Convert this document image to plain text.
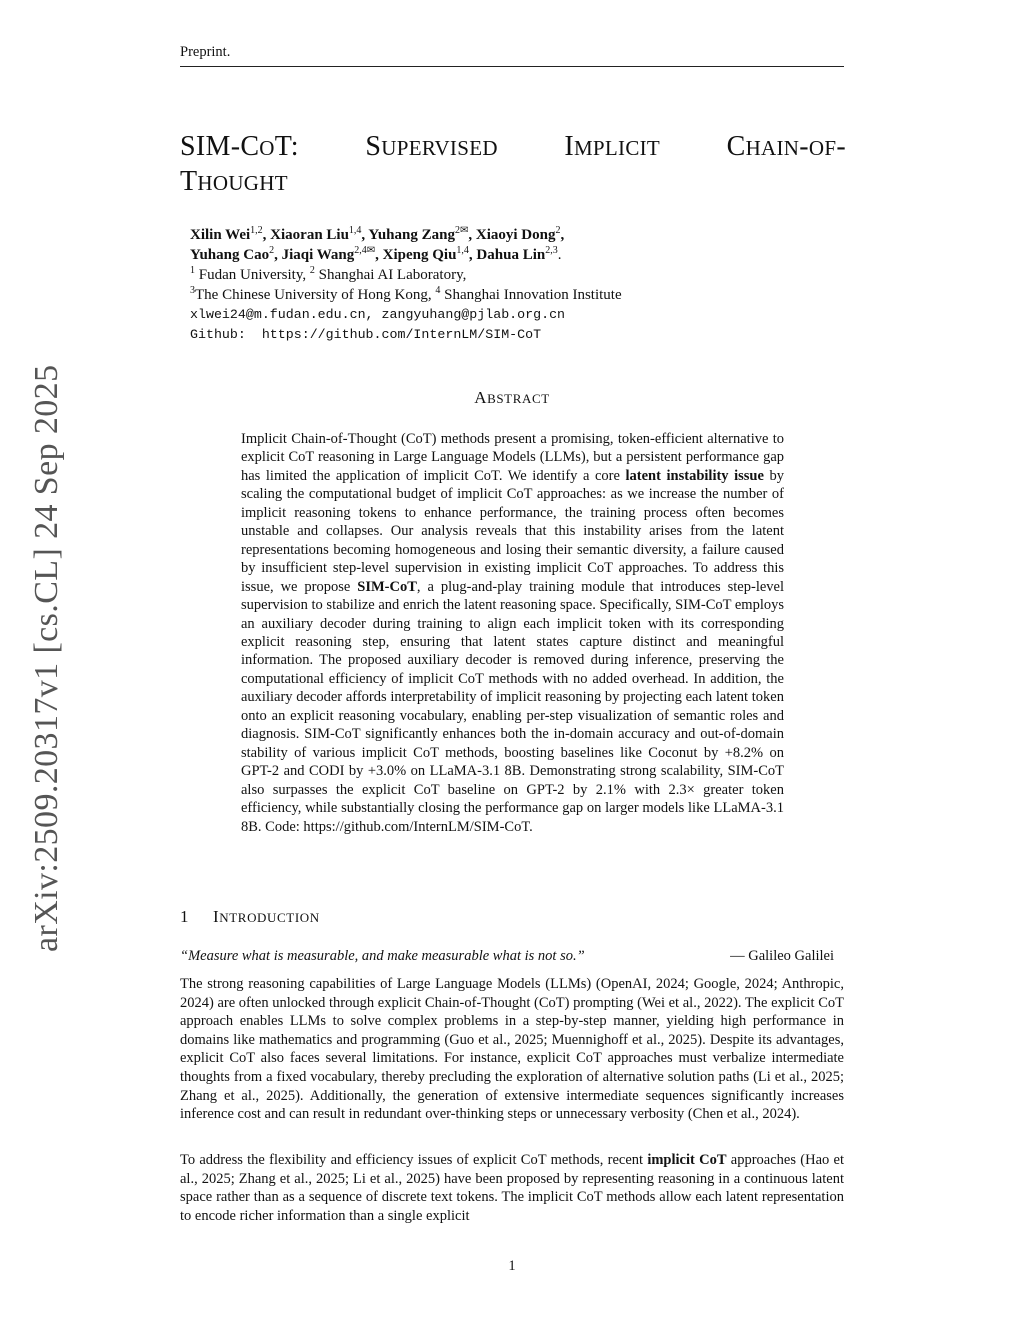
Preprint.
arXiv:2509.20317v1 [cs.CL] 24 Sep 2025
SIM-COT: SUPERVISED IMPLICIT CHAIN-OF-
THOUGHT
Xilin Wei$^{1,2}$, Xiaoran Liu$^{1,4}$, Yuhang Zang$^{2✉}$, Xiaoyi Dong$^2$,
Yuhang Cao$^2$, Jiaqi Wang$^{2,4✉}$, Xipeng Qiu$^{1,4}$, Dahua Lin$^{2,3}$.
$^1$ Fudan University, $^2$ Shanghai AI Laboratory,
$^3$The Chinese University of Hong Kong, $^4$ Shanghai Innovation Institute
xlwei24@m.fudan.edu.cn, zangyuhang@pjlab.org.cn
Github:  https://github.com/InternLM/SIM-CoT
ABSTRACT

Implicit Chain-of-Thought (CoT) methods present a promising, token-efficient alternative to explicit CoT reasoning in Large Language Models (LLMs), but a persistent performance gap has limited the application of implicit CoT. We identify a core latent instability issue by scaling the computational budget of implicit CoT approaches: as we increase the number of implicit reasoning tokens to enhance performance, the training process often becomes unstable and collapses. Our analysis reveals that this instability arises from the latent representations becoming homogeneous and losing their semantic diversity, a failure caused by insufficient step-level supervision in existing implicit CoT approaches. To address this issue, we propose SIM-CoT, a plug-and-play training module that introduces step-level supervision to stabilize and enrich the latent reasoning space. Specifically, SIM-CoT employs an auxiliary decoder during training to align each implicit token with its corresponding explicit reasoning step, ensuring that latent states capture distinct and meaningful information. The proposed auxiliary decoder is removed during inference, preserving the computational efficiency of implicit CoT methods with no added overhead. In addition, the auxiliary decoder affords interpretability of implicit reasoning by projecting each latent token onto an explicit reasoning vocabulary, enabling per-step visualization of semantic roles and diagnosis. SIM-CoT significantly enhances both the in-domain accuracy and out-of-domain stability of various implicit CoT methods, boosting baselines like Coconut by +8.2% on GPT-2 and CODI by +3.0% on LLaMA-3.1 8B. Demonstrating strong scalability, SIM-CoT also surpasses the explicit CoT baseline on GPT-2 by 2.1% with 2.3× greater token efficiency, while substantially closing the performance gap on larger models like LLaMA-3.1 8B. Code: https://github.com/InternLM/SIM-CoT.

1 INTRODUCTION
“Measure what is measurable, and make measurable what is not so.”	— Galileo Galilei

The strong reasoning capabilities of Large Language Models (LLMs) (OpenAI, 2024; Google, 2024; Anthropic, 2024) are often unlocked through explicit Chain-of-Thought (CoT) prompting (Wei et al., 2022). The explicit CoT approach enables LLMs to solve complex problems in a step-by-step manner, yielding high performance in domains like mathematics and programming (Guo et al., 2025; Muennighoff et al., 2025). Despite its advantages, explicit CoT also faces several limitations. For instance, explicit CoT approaches must verbalize intermediate thoughts from a fixed vocabulary, thereby precluding the exploration of alternative solution paths (Li et al., 2025; Zhang et al., 2025). Additionally, the generation of extensive intermediate sequences significantly increases inference cost and can result in redundant over-thinking steps or unnecessary verbosity (Chen et al., 2024).

To address the flexibility and efficiency issues of explicit CoT methods, recent implicit CoT approaches (Hao et al., 2025; Zhang et al., 2025; Li et al., 2025) have been proposed by representing reasoning in a continuous latent space rather than as a sequence of discrete text tokens. The implicit CoT methods allow each latent representation to encode richer information than a single explicit

1
